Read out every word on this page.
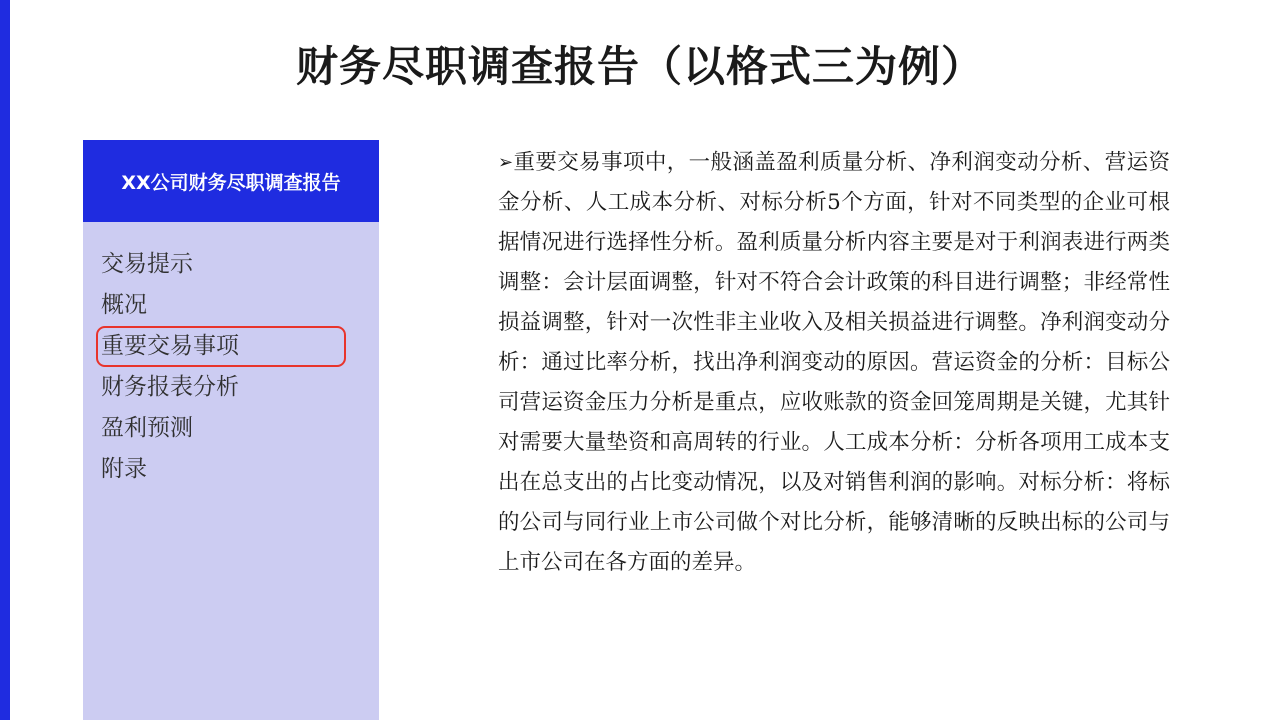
财务尽职调查报告（以格式三为例）
XX公司财务尽职调查报告
交易提示
概况
重要交易事项
财务报表分析
盈利预测
附录
➢重要交易事项中，一般涵盖盈利质量分析、净利润变动分析、营运资金分析、人工成本分析、对标分析5个方面，针对不同类型的企业可根据情况进行选择性分析。盈利质量分析内容主要是对于利润表进行两类调整：会计层面调整，针对不符合会计政策的科目进行调整；非经常性损益调整，针对一次性非主业收入及相关损益进行调整。净利润变动分析：通过比率分析，找出净利润变动的原因。营运资金的分析：目标公司营运资金压力分析是重点，应收账款的资金回笼周期是关键，尤其针对需要大量垫资和高周转的行业。人工成本分析：分析各项用工成本支出在总支出的占比变动情况，以及对销售利润的影响。对标分析：将标的公司与同行业上市公司做个对比分析，能够清晰的反映出标的公司与上市公司在各方面的差异。
